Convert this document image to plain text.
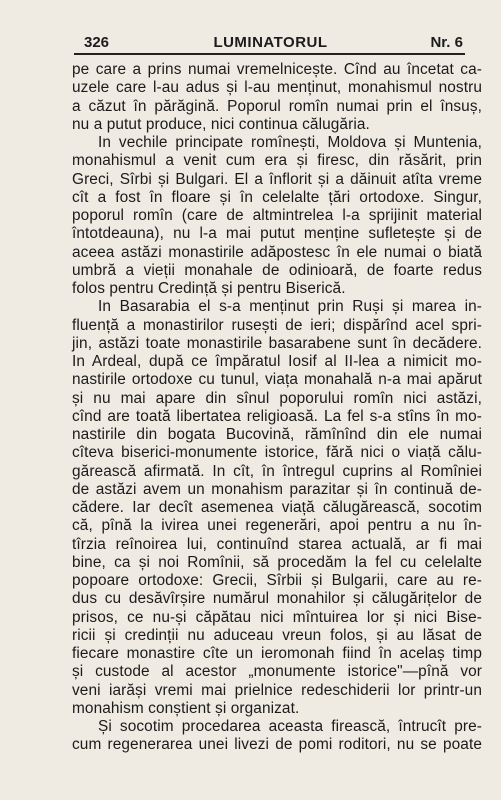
326	LUMINATORUL	Nr. 6
pe care a prins numai vremelnicește. Cînd au încetat ca-
uzele care l-au adus și l-au menținut, monahismul nostru
a căzut în părăgină. Poporul romîn numai prin el însuș,
nu a putut produce, nici continua călugăria.
In vechile principate romînești, Moldova și Muntenia,
monahismul a venit cum era și firesc, din răsărit, prin
Greci, Sîrbi și Bulgari. El a înflorit și a dăinuit atîta vreme
cît a fost în floare și în celelalte țări ortodoxe. Singur,
poporul romîn (care de altmintrelea l-a sprijinit material
întotdeauna), nu l-a mai putut menține sufletește și de
aceea astăzi monastirile adăpostesc în ele numai o biată
umbră a vieții monahale de odinioară, de foarte redus
folos pentru Credință și pentru Biserică.
In Basarabia el s-a menținut prin Ruși și marea in-
fluență a monastirilor rusești de ieri; dispărînd acel spri-
jin, astăzi toate monastirile basarabene sunt în decădere.
In Ardeal, după ce împăratul Iosif al II-lea a nimicit mo-
nastirile ortodoxe cu tunul, viața monahală n-a mai apărut
și nu mai apare din sînul poporului romîn nici astăzi,
cînd are toată libertatea religioasă. La fel s-a stîns în mo-
nastirile din bogata Bucovină, rămînînd din ele numai
cîteva biserici-monumente istorice, fără nici o viață călu-
gărească afirmată. In cît, în întregul cuprins al Romîniei
de astăzi avem un monahism parazitar și în continuă de-
cădere. Iar decît asemenea viață călugărească, socotim
că, pînă la ivirea unei regenerări, apoi pentru a nu în-
tîrzia reînoirea lui, continuînd starea actuală, ar fi mai
bine, ca și noi Romînii, să procedăm la fel cu celelalte
popoare ortodoxe: Grecii, Sîrbii și Bulgarii, care au re-
dus cu desăvîrșire numărul monahilor și călugărițelor de
prisos, ce nu-și căpătau nici mîntuirea lor și nici Bise-
ricii și credinții nu aduceau vreun folos, și au lăsat de
fiecare monastire cîte un ieromonah fiind în acelaș timp
și custode al acestor „monumente istorice"—pînă vor
veni iarăși vremi mai prielnice redeschiderii lor printr-un
monahism conștient și organizat.
Și socotim procedarea aceasta firească, întrucît pre-
cum regenerarea unei livezi de pomi roditori, nu se poate
